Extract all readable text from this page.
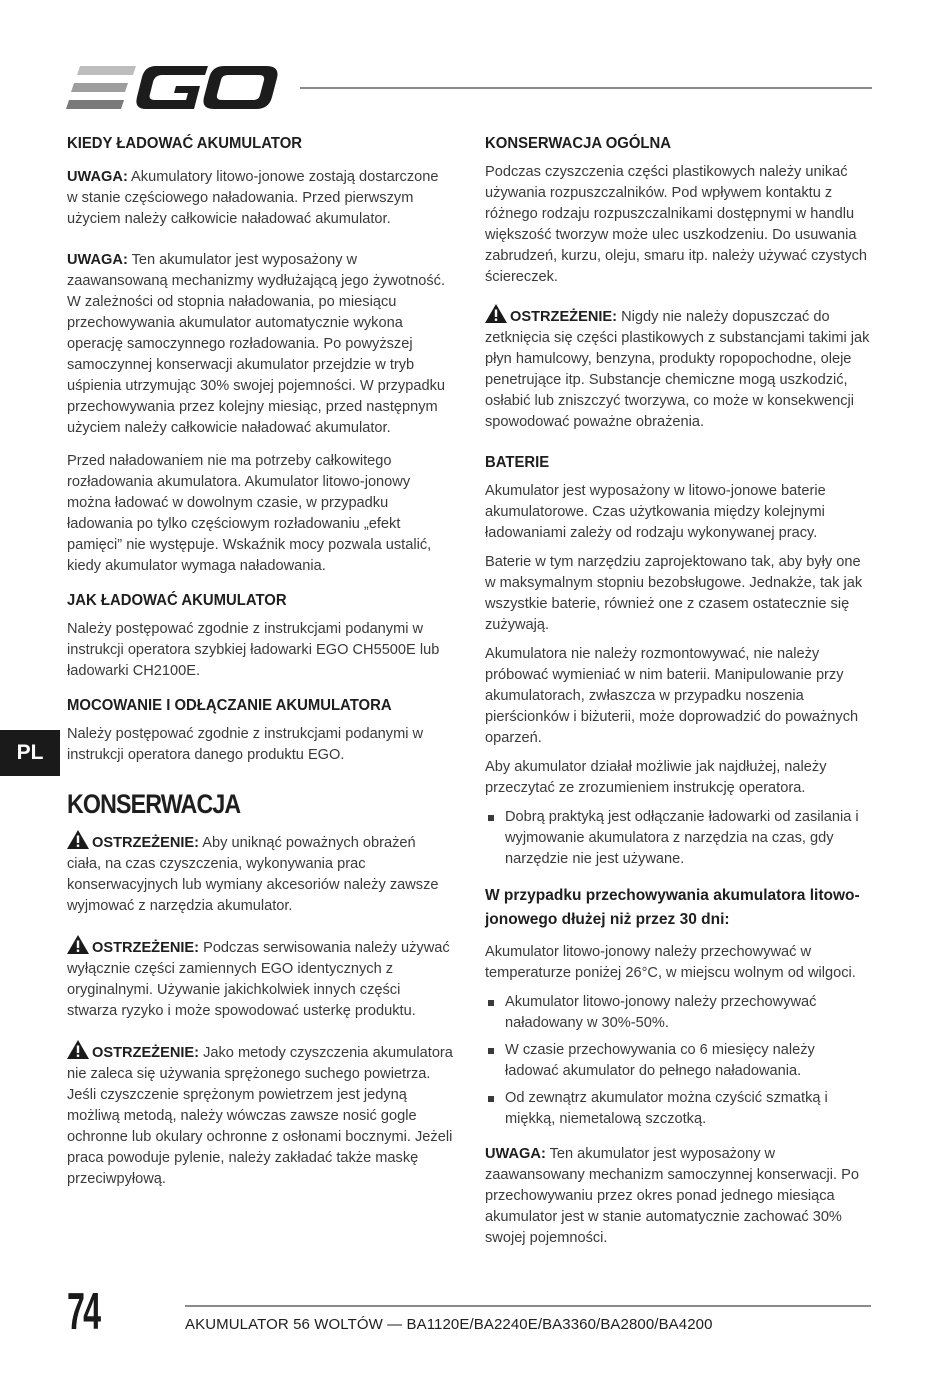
PL
KIEDY ŁADOWAĆ AKUMULATOR

UWAGA: Akumulatory litowo-jonowe zostają dostarczone w stanie częściowego naładowania. Przed pierwszym użyciem należy całkowicie naładować akumulator.

UWAGA: Ten akumulator jest wyposażony w zaawansowaną mechanizmy wydłużającą jego żywotność. W zależności od stopnia naładowania, po miesiącu przechowywania akumulator automatycznie wykona operację samoczynnego rozładowania. Po powyższej samoczynnej konserwacji akumulator przejdzie w tryb uśpienia utrzymując 30% swojej pojemności. W przypadku przechowywania przez kolejny miesiąc, przed następnym użyciem należy całkowicie naładować akumulator.

Przed naładowaniem nie ma potrzeby całkowitego rozładowania akumulatora. Akumulator litowo-jonowy można ładować w dowolnym czasie, w przypadku ładowania po tylko częściowym rozładowaniu „efekt pamięci” nie występuje. Wskaźnik mocy pozwala ustalić, kiedy akumulator wymaga naładowania.

JAK ŁADOWAĆ AKUMULATOR

Należy postępować zgodnie z instrukcjami podanymi w instrukcji operatora szybkiej ładowarki EGO CH5500E lub ładowarki CH2100E.

MOCOWANIE I ODŁĄCZANIE AKUMULATORA

Należy postępować zgodnie z instrukcjami podanymi w instrukcji operatora danego produktu EGO.

KONSERWACJA

OSTRZEŻENIE: Aby uniknąć poważnych obrażeń ciała, na czas czyszczenia, wykonywania prac konserwacyjnych lub wymiany akcesoriów należy zawsze wyjmować z narzędzia akumulator.

OSTRZEŻENIE: Podczas serwisowania należy używać wyłącznie części zamiennych EGO identycznych z oryginalnymi. Używanie jakichkolwiek innych części stwarza ryzyko i może spowodować usterkę produktu.

OSTRZEŻENIE: Jako metody czyszczenia akumulatora nie zaleca się używania sprężonego suchego powietrza. Jeśli czyszczenie sprężonym powietrzem jest jedyną możliwą metodą, należy wówczas zawsze nosić gogle ochronne lub okulary ochronne z osłonami bocznymi. Jeżeli praca powoduje pylenie, należy zakładać także maskę przeciwpyłową.

KONSERWACJA OGÓLNA

Podczas czyszczenia części plastikowych należy unikać używania rozpuszczalników. Pod wpływem kontaktu z różnego rodzaju rozpuszczalnikami dostępnymi w handlu większość tworzyw może ulec uszkodzeniu. Do usuwania zabrudzeń, kurzu, oleju, smaru itp. należy używać czystych ściereczek.

OSTRZEŻENIE: Nigdy nie należy dopuszczać do zetknięcia się części plastikowych z substancjami takimi jak płyn hamulcowy, benzyna, produkty ropopochodne, oleje penetrujące itp. Substancje chemiczne mogą uszkodzić, osłabić lub zniszczyć tworzywa, co może w konsekwencji spowodować poważne obrażenia.

BATERIE

Akumulator jest wyposażony w litowo-jonowe baterie akumulatorowe. Czas użytkowania między kolejnymi ładowaniami zależy od rodzaju wykonywanej pracy.

Baterie w tym narzędziu zaprojektowano tak, aby były one w maksymalnym stopniu bezobsługowe. Jednakże, tak jak wszystkie baterie, również one z czasem ostatecznie się zużywają.

Akumulatora nie należy rozmontowywać, nie należy próbować wymieniać w nim baterii. Manipulowanie przy akumulatorach, zwłaszcza w przypadku noszenia pierścionków i biżuterii, może doprowadzić do poważnych oparzeń.

Aby akumulator działał możliwie jak najdłużej, należy przeczytać ze zrozumieniem instrukcję operatora.

Dobrą praktyką jest odłączanie ładowarki od zasilania i wyjmowanie akumulatora z narzędzia na czas, gdy narzędzie nie jest używane.
W przypadku przechowywania akumulatora litowo-jonowego dłużej niż przez 30 dni:

Akumulator litowo-jonowy należy przechowywać w temperaturze poniżej 26°C, w miejscu wolnym od wilgoci.

Akumulator litowo-jonowy należy przechowywać naładowany w 30%-50%.
W czasie przechowywania co 6 miesięcy należy ładować akumulator do pełnego naładowania.
Od zewnątrz akumulator można czyścić szmatką i miękką, niemetalową szczotką.

UWAGA: Ten akumulator jest wyposażony w zaawansowany mechanizm samoczynnej konserwacji. Po przechowywaniu przez okres ponad jednego miesiąca akumulator jest w stanie automatycznie zachować 30% swojej pojemności.

74	AKUMULATOR 56 WOLTÓW — BA1120E/BA2240E/BA3360/BA2800/BA4200
